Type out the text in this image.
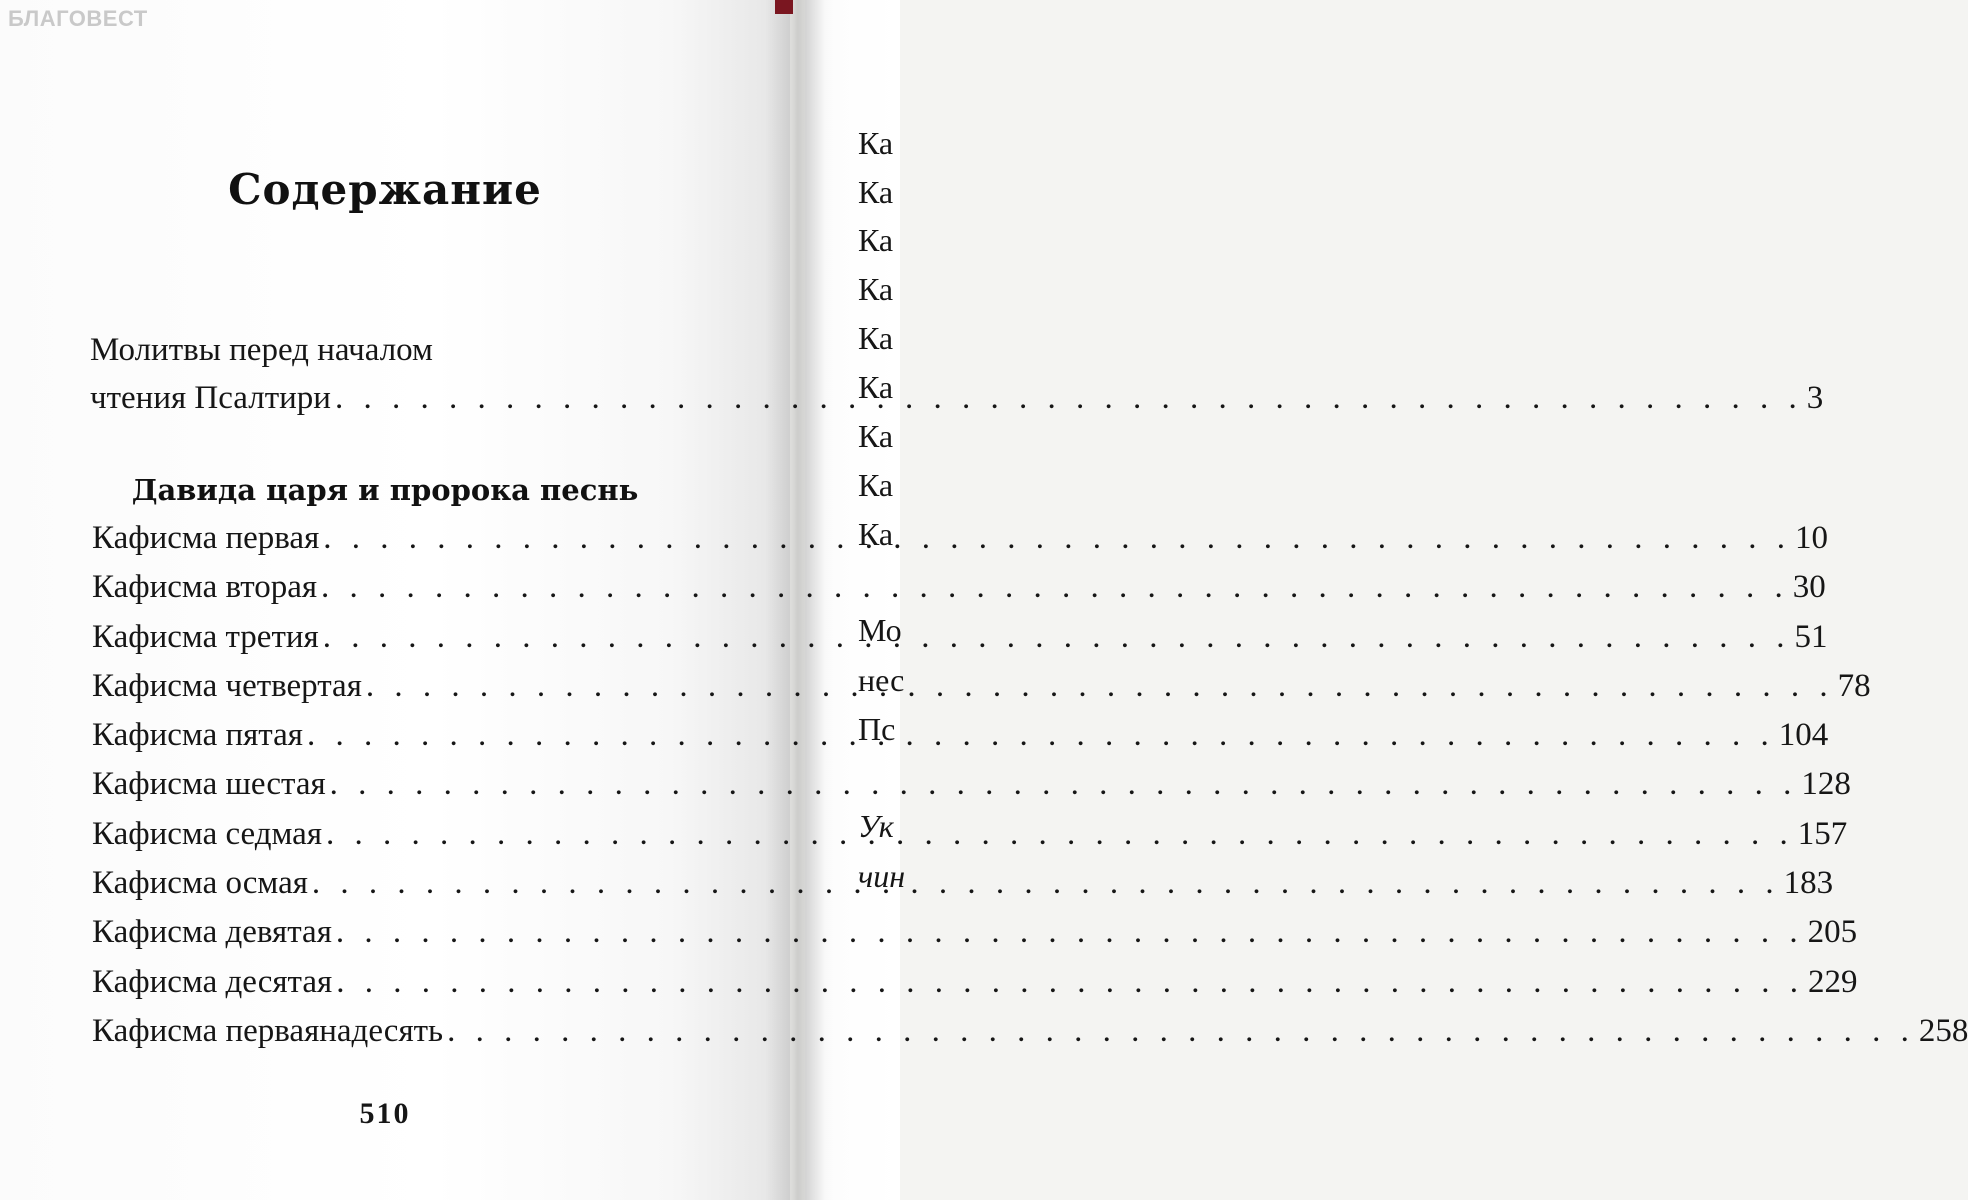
Ка
Ка
Ка
Ка
Ка
Ка
Ка
Ка
Ка
Мо
нес
Пс
Ук
чин
БЛАГОВЕСТ
Содержание
Молитвы перед началом
чтения Псалтири . . .	3
Давида царя и пророка песнь
Кафисма первая . . .	10
Кафисма вторая . . .	30
Кафисма третия . . .	51
Кафисма четвертая . . .	78
Кафисма пятая . . .	104
Кафисма шестая . . .	128
Кафисма седмая . . .	157
Кафисма осмая . . .	183
Кафисма девятая . . .	205
Кафисма десятая . . .	229
Кафисма перваянадесять . . .	258
510
